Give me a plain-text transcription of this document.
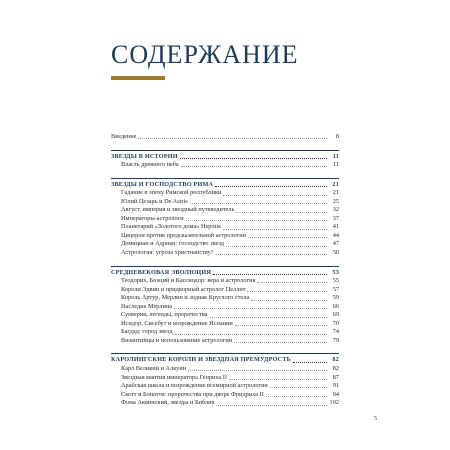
СОДЕРЖАНИЕ
Введение	8
ЗВЕЗДЫ В ИСТОРИИ	11
Власть древнего неба	11
ЗВЕЗДЫ И ГОСПОДСТВО РИМА	21
Гадание в эпоху Римской республики	21
Юлий Цезарь и De Astris	25
Август, империя и звездный путеводитель	32
Императоры-астрологи	37
Планетарий «Золотого дома» Нерона	41
Цицерон против предсказательной астрологии	44
Домициан и Адриан: господство звезд	47
Астрология: угроза христианству?	50
СРЕДНЕВЕКОВАЯ ЭВОЛЮЦИЯ	53
Теодорих, Боэций и Кассиодор: вера и астрология	55
Короли Эдвин и придворный астролог Пеллит	57
Король Артур, Мерлин и зодиак Круглого стола	59
Наследие Мерлина	66
Суеверия, легенды, пророчества	69
Исидор, Сисебут и возрождение Испании	70
Багдад: город звезд	74
Византийцы и использование астрологии	79
КАРОЛИНГСКИЕ КОРОЛИ И ЗВЕЗДНАЯ ПРЕМУДРОСТЬ	82
Карл Великий и Алкуин	82
Звездная мантия императора Генриха II	87
Арабская школа и возрождение всемирной астрологии	91
Скотт и Бонатти: пророчества при дворе Фридриха II	94
Фома Аквинский, звезды и Библия	102
5
